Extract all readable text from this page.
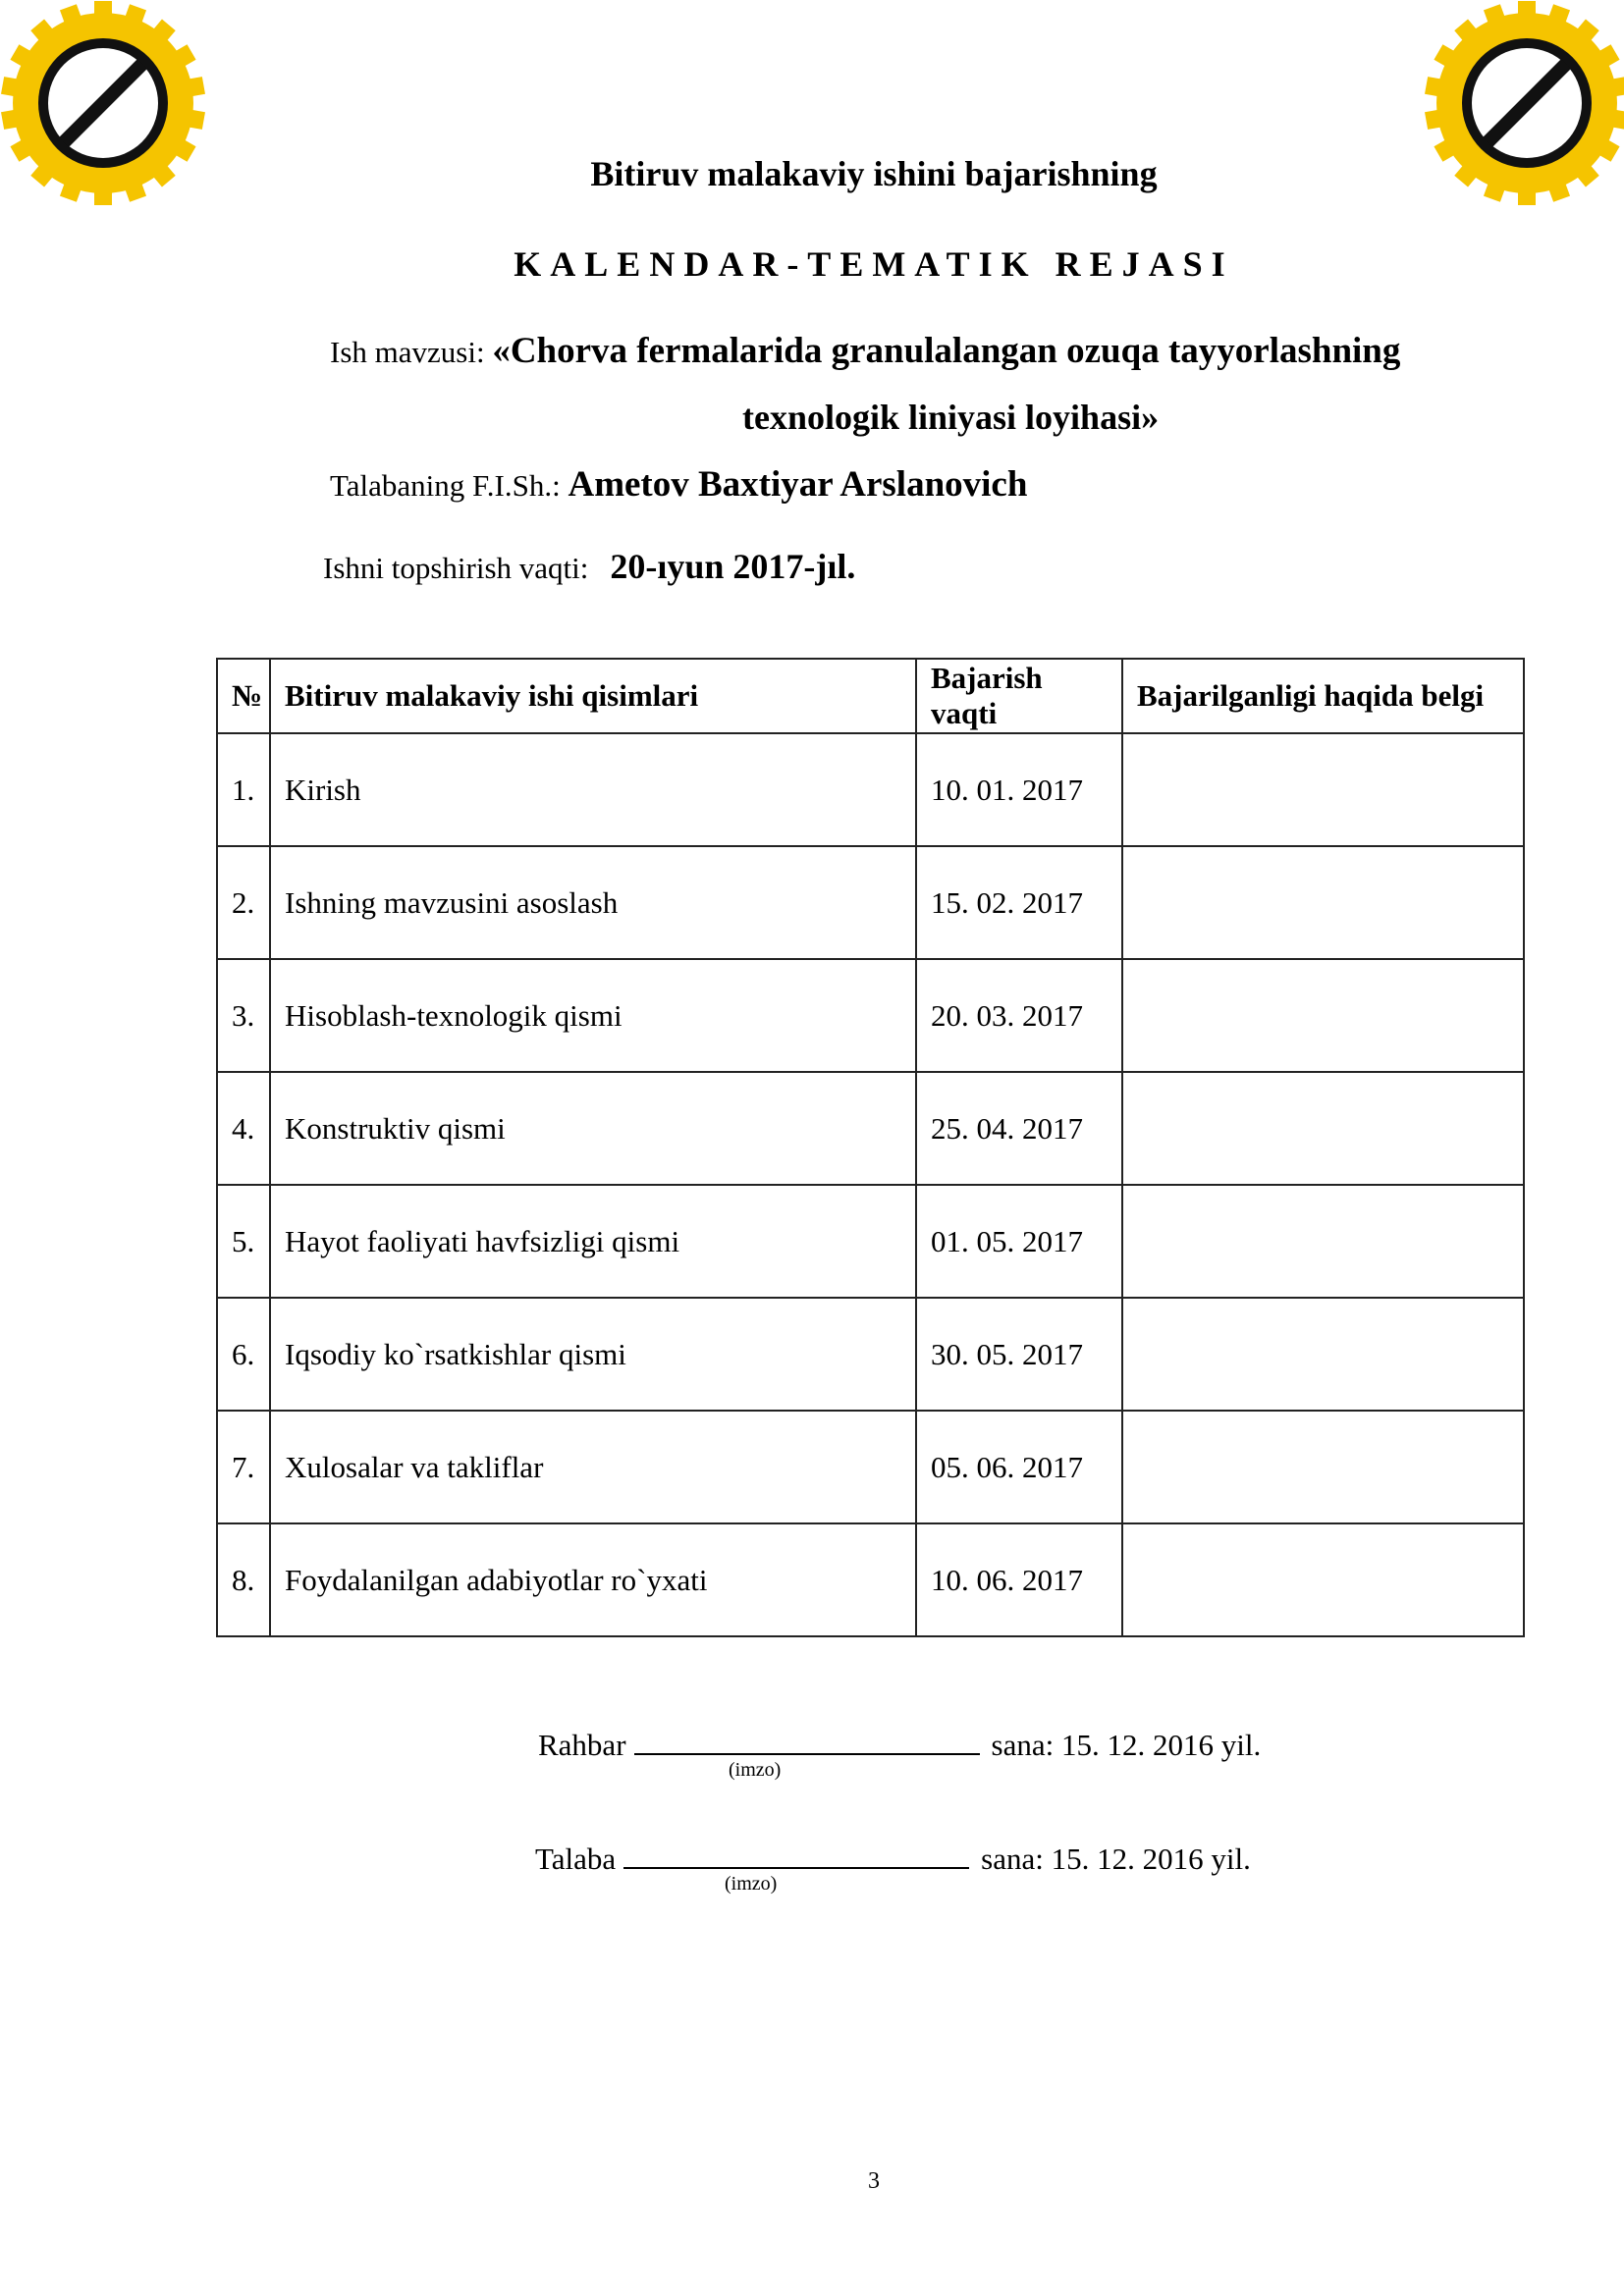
Bitiruv malakaviy ishini bajarishning
KALENDAR-TEMATIK REJASI
Ish mavzusi: «Chorva fermalarida granulalangan ozuqa tayyorlashning
texnologik liniyasi loyihasi»
Talabaning F.I.Sh.: Ametov Baxtiyar Arslanovich
Ishni topshirish vaqti: 20-ıyun 2017-jıl.
№	Bitiruv malakaviy ishi qisimlari	Bajarish vaqti	Bajarilganligi haqida belgi
1.	Kirish	10. 01. 2017	
2.	Ishning mavzusini asoslash	15. 02. 2017	
3.	Hisoblash-texnologik qismi	20. 03. 2017	
4.	Konstruktiv qismi	25. 04. 2017	
5.	Hayot faoliyati havfsizligi qismi	01. 05. 2017	
6.	Iqsodiy ko`rsatkishlar qismi	30. 05. 2017	
7.	Xulosalar va takliflar	05. 06. 2017	
8.	Foydalanilgan adabiyotlar ro`yxati	10. 06. 2017	
Rahbar	sana: 15. 12. 2016 yil.
(imzo)
Talaba	sana: 15. 12. 2016 yil.
(imzo)
3
